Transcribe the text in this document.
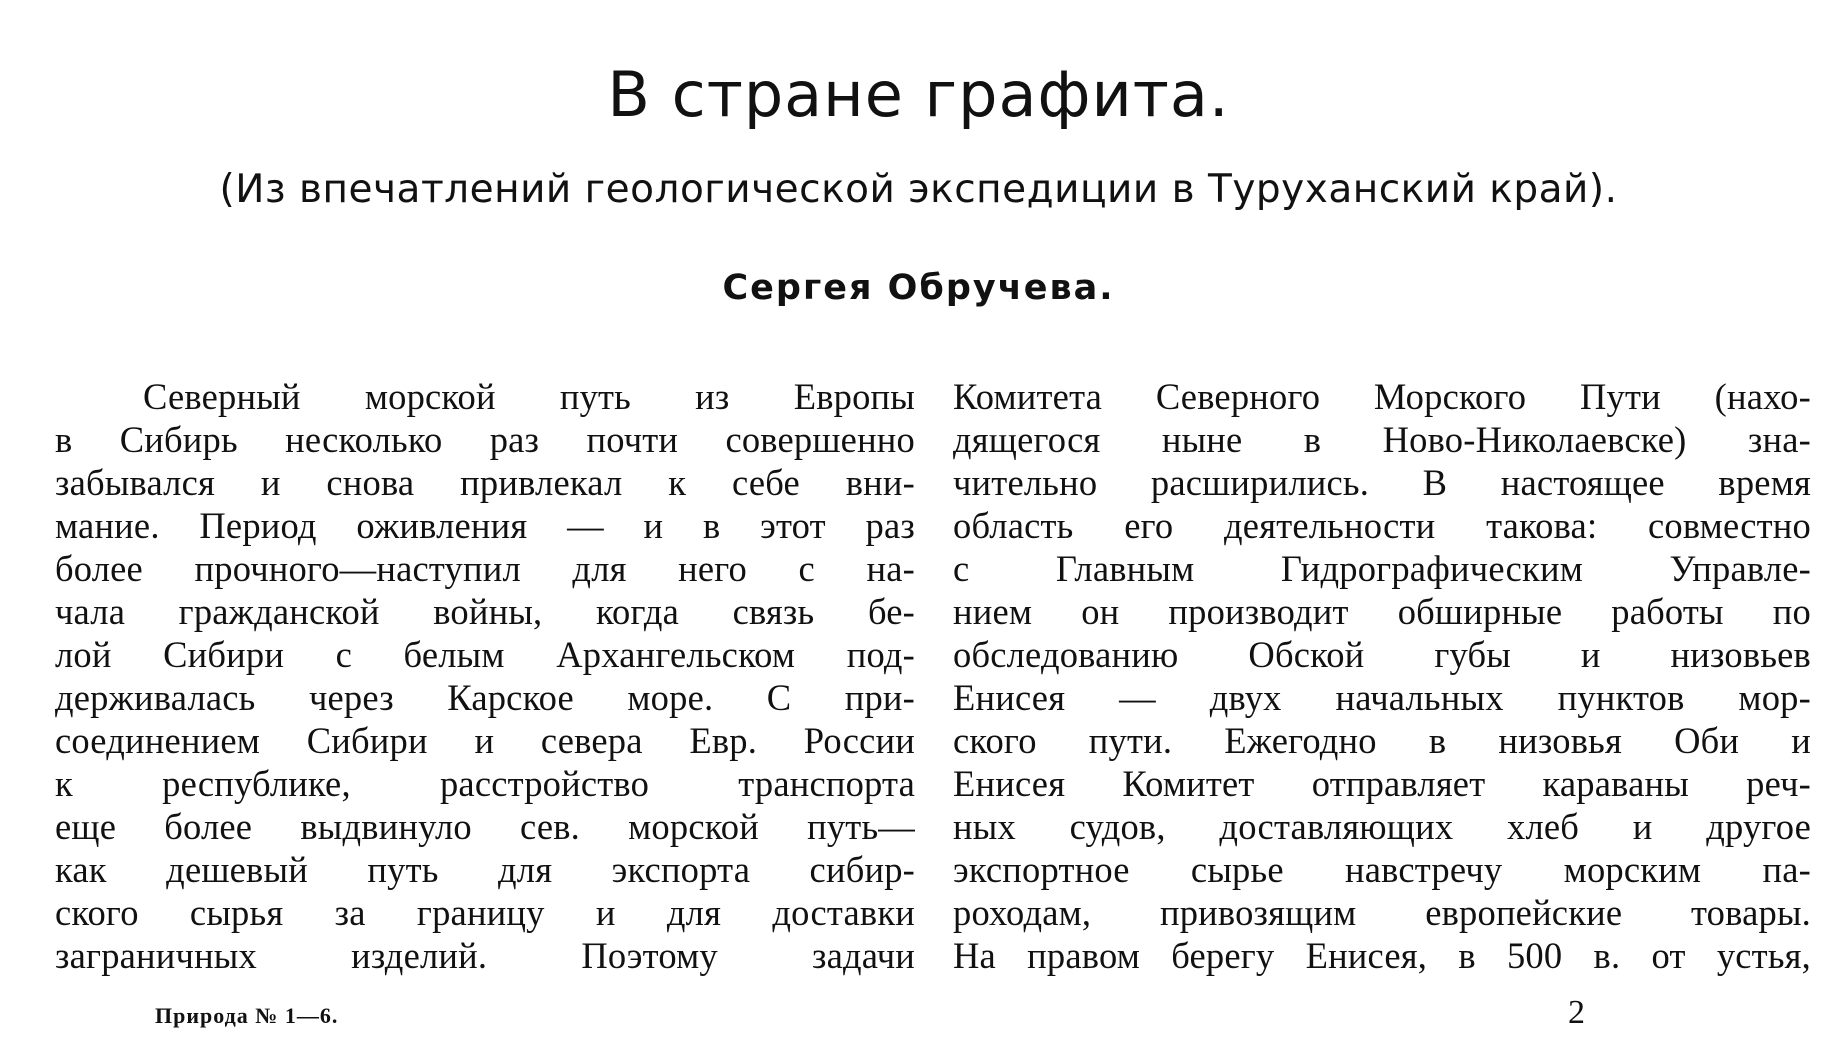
В стране графита.
(Из впечатлений геологической экспедиции в Туруханский край).
Сергея Обручева.
Северный морской путь из Европы
в Сибирь несколько раз почти совершенно
забывался и снова привлекал к себе вни-
мание. Период оживления — и в этот раз
более прочного—наступил для него с на-
чала гражданской войны, когда связь бе-
лой Сибири с белым Архангельском под-
держивалась через Карское море. С при-
соединением Сибири и севера Евр. России
к республике, расстройство транспорта
еще более выдвинуло сев. морской путь—
как дешевый путь для экспорта сибир-
ского сырья за границу и для доставки
заграничных изделий. Поэтому задачи
Комитета Северного Морского Пути (нахо-
дящегося ныне в Ново-Николаевске) зна-
чительно расширились. В настоящее время
область его деятельности такова: совместно
с Главным Гидрографическим Управле-
нием он производит обширные работы по
обследованию Обской губы и низовьев
Енисея — двух начальных пунктов мор-
ского пути. Ежегодно в низовья Оби и
Енисея Комитет отправляет караваны реч-
ных судов, доставляющих хлеб и другое
экспортное сырье навстречу морским па-
роходам, привозящим европейские товары.
На правом берегу Енисея, в 500 в. от устья,
Природа № 1—6.	2
